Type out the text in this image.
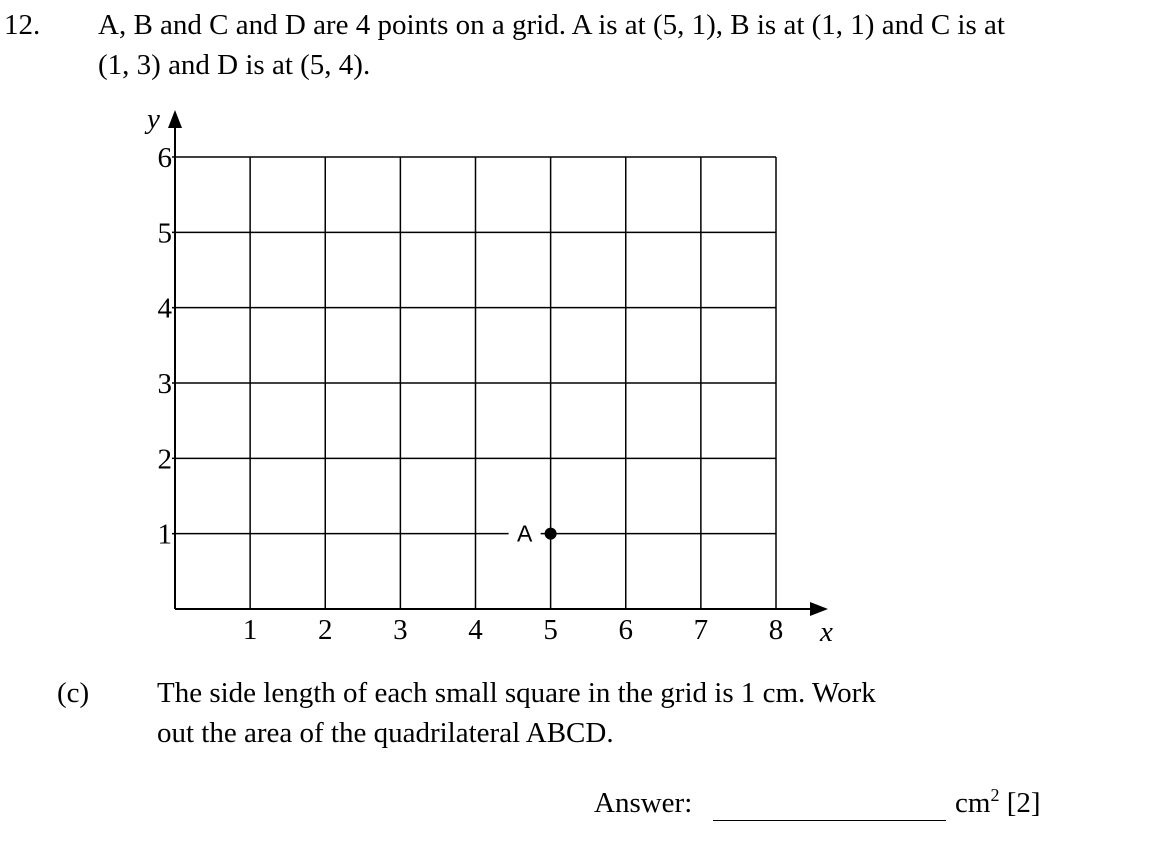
12. A, B and C and D are 4 points on a grid. A is at (5, 1), B is at (1, 1) and C is at
(1, 3) and D is at (5, 4).
1 2 3 4 5 6 7 8
1
2
3
4
5
6
x
y
A
(c) The side length of each small square in the grid is 1 cm. Work
out the area of the quadrilateral ABCD.
Answer:	$cm^2$ [2]
